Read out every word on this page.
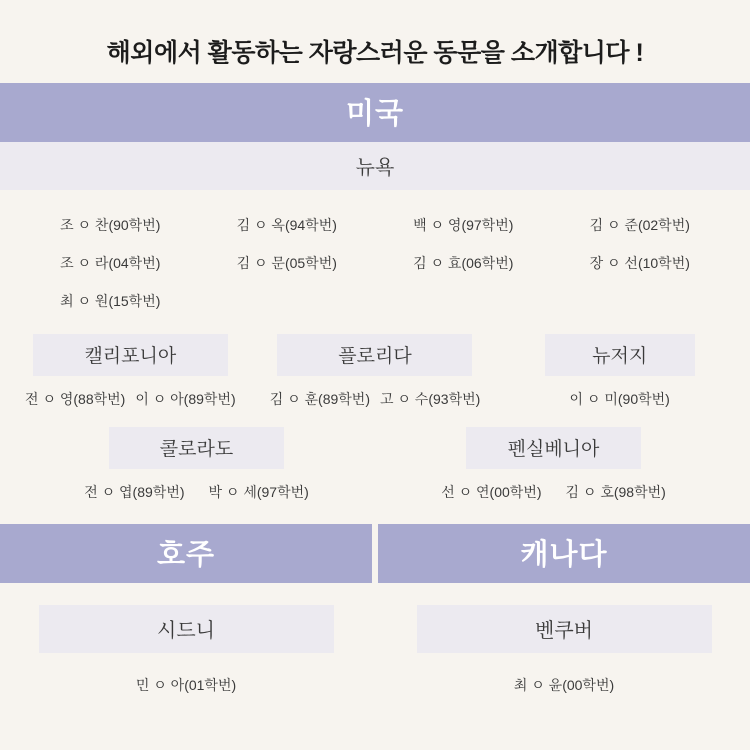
해외에서 활동하는 자랑스러운 동문을 소개합니다 !
미국
뉴욕
조 ㅇ 찬(90학번)	김 ㅇ 옥(94학번)	백 ㅇ 영(97학번)	김 ㅇ 준(02학번)
조 ㅇ 라(04학번)	김 ㅇ 문(05학번)	김 ㅇ 효(06학번)	장 ㅇ 선(10학번)
최 ㅇ 원(15학번)
캘리포니아
전 ㅇ 영(88학번) 이 ㅇ 아(89학번)
플로리다
김 ㅇ 훈(89학번) 고 ㅇ 수(93학번)
뉴저지
이 ㅇ 미(90학번)
콜로라도
전 ㅇ 엽(89학번) 박 ㅇ 세(97학번)
펜실베니아
선 ㅇ 연(00학번) 김 ㅇ 호(98학번)
호주
시드니
민 ㅇ 아(01학번)
캐나다
벤쿠버
최 ㅇ 윤(00학번)
